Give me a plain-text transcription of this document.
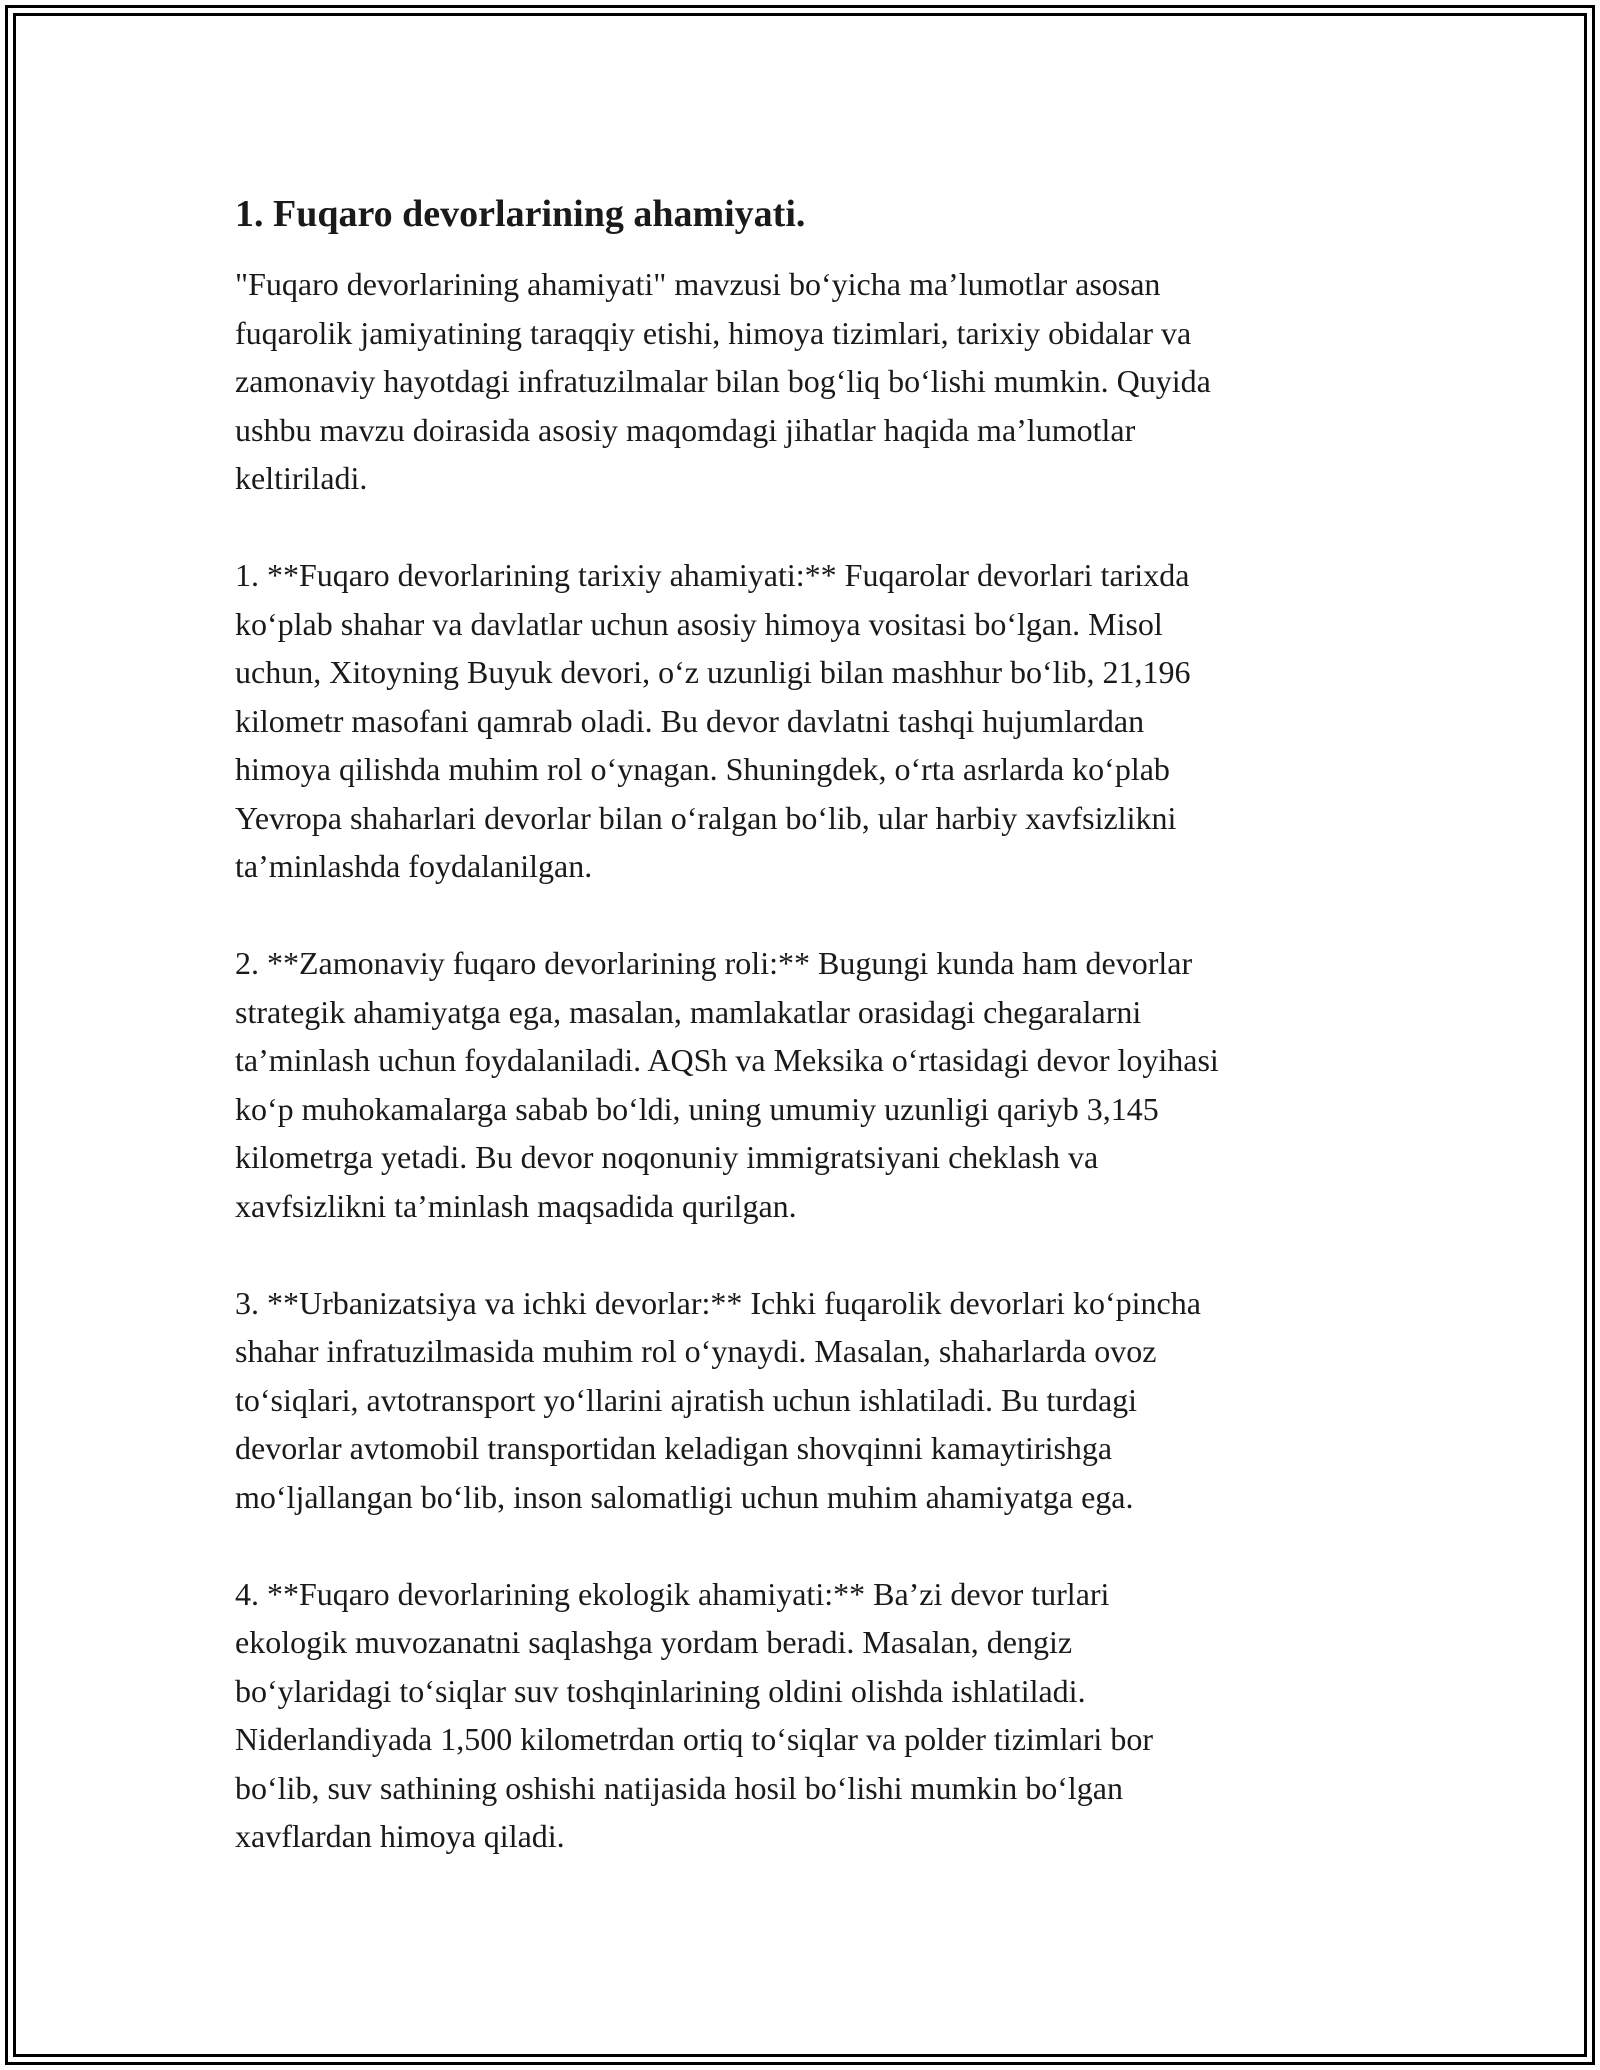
1. Fuqaro devorlarining ahamiyati.

"Fuqaro devorlarining ahamiyati" mavzusi bo‘yicha ma’lumotlar asosan
fuqarolik jamiyatining taraqqiy etishi, himoya tizimlari, tarixiy obidalar va
zamonaviy hayotdagi infratuzilmalar bilan bog‘liq bo‘lishi mumkin. Quyida
ushbu mavzu doirasida asosiy maqomdagi jihatlar haqida ma’lumotlar
keltiriladi.

1. **Fuqaro devorlarining tarixiy ahamiyati:** Fuqarolar devorlari tarixda
ko‘plab shahar va davlatlar uchun asosiy himoya vositasi bo‘lgan. Misol
uchun, Xitoyning Buyuk devori, o‘z uzunligi bilan mashhur bo‘lib, 21,196
kilometr masofani qamrab oladi. Bu devor davlatni tashqi hujumlardan
himoya qilishda muhim rol o‘ynagan. Shuningdek, o‘rta asrlarda ko‘plab
Yevropa shaharlari devorlar bilan o‘ralgan bo‘lib, ular harbiy xavfsizlikni
ta’minlashda foydalanilgan.

2. **Zamonaviy fuqaro devorlarining roli:** Bugungi kunda ham devorlar
strategik ahamiyatga ega, masalan, mamlakatlar orasidagi chegaralarni
ta’minlash uchun foydalaniladi. AQSh va Meksika o‘rtasidagi devor loyihasi
ko‘p muhokamalarga sabab bo‘ldi, uning umumiy uzunligi qariyb 3,145
kilometrga yetadi. Bu devor noqonuniy immigratsiyani cheklash va
xavfsizlikni ta’minlash maqsadida qurilgan.

3. **Urbanizatsiya va ichki devorlar:** Ichki fuqarolik devorlari ko‘pincha
shahar infratuzilmasida muhim rol o‘ynaydi. Masalan, shaharlarda ovoz
to‘siqlari, avtotransport yo‘llarini ajratish uchun ishlatiladi. Bu turdagi
devorlar avtomobil transportidan keladigan shovqinni kamaytirishga
mo‘ljallangan bo‘lib, inson salomatligi uchun muhim ahamiyatga ega.

4. **Fuqaro devorlarining ekologik ahamiyati:** Ba’zi devor turlari
ekologik muvozanatni saqlashga yordam beradi. Masalan, dengiz
bo‘ylaridagi to‘siqlar suv toshqinlarining oldini olishda ishlatiladi.
Niderlandiyada 1,500 kilometrdan ortiq to‘siqlar va polder tizimlari bor
bo‘lib, suv sathining oshishi natijasida hosil bo‘lishi mumkin bo‘lgan
xavflardan himoya qiladi.
